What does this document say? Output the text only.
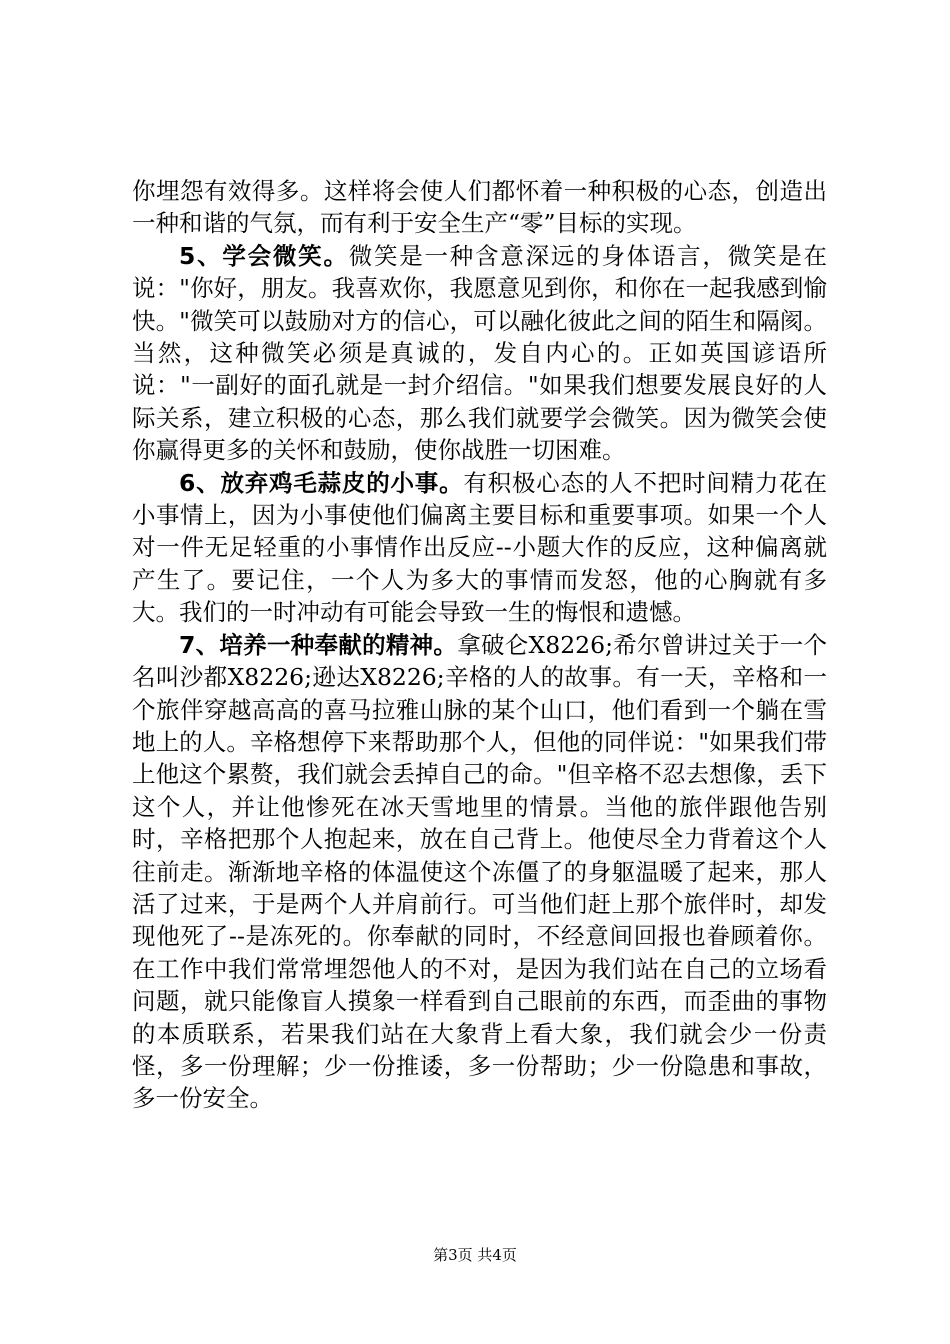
你埋怨有效得多。这样将会使人们都怀着一种积极的心态，创造出一种和谐的气氛，而有利于安全生产“零”目标的实现。

5、学会微笑。微笑是一种含意深远的身体语言，微笑是在说："你好，朋友。我喜欢你，我愿意见到你，和你在一起我感到愉快。"微笑可以鼓励对方的信心，可以融化彼此之间的陌生和隔阂。当然，这种微笑必须是真诚的，发自内心的。正如英国谚语所说："一副好的面孔就是一封介绍信。"如果我们想要发展良好的人际关系，建立积极的心态，那么我们就要学会微笑。因为微笑会使你赢得更多的关怀和鼓励，使你战胜一切困难。

6、放弃鸡毛蒜皮的小事。有积极心态的人不把时间精力花在小事情上，因为小事使他们偏离主要目标和重要事项。如果一个人对一件无足轻重的小事情作出反应--小题大作的反应，这种偏离就产生了。要记住，一个人为多大的事情而发怒，他的心胸就有多大。我们的一时冲动有可能会导致一生的悔恨和遗憾。

7、培养一种奉献的精神。拿破仑X8226;希尔曾讲过关于一个名叫沙都X8226;逊达X8226;辛格的人的故事。有一天，辛格和一个旅伴穿越高高的喜马拉雅山脉的某个山口，他们看到一个躺在雪地上的人。辛格想停下来帮助那个人，但他的同伴说："如果我们带上他这个累赘，我们就会丢掉自己的命。"但辛格不忍去想像，丢下这个人，并让他惨死在冰天雪地里的情景。当他的旅伴跟他告别时，辛格把那个人抱起来，放在自己背上。他使尽全力背着这个人往前走。渐渐地辛格的体温使这个冻僵了的身躯温暖了起来，那人活了过来，于是两个人并肩前行。可当他们赶上那个旅伴时，却发现他死了--是冻死的。你奉献的同时，不经意间回报也眷顾着你。在工作中我们常常埋怨他人的不对，是因为我们站在自己的立场看问题，就只能像盲人摸象一样看到自己眼前的东西，而歪曲的事物的本质联系，若果我们站在大象背上看大象，我们就会少一份责怪，多一份理解；少一份推诿，多一份帮助；少一份隐患和事故，多一份安全。

第3页 共4页
